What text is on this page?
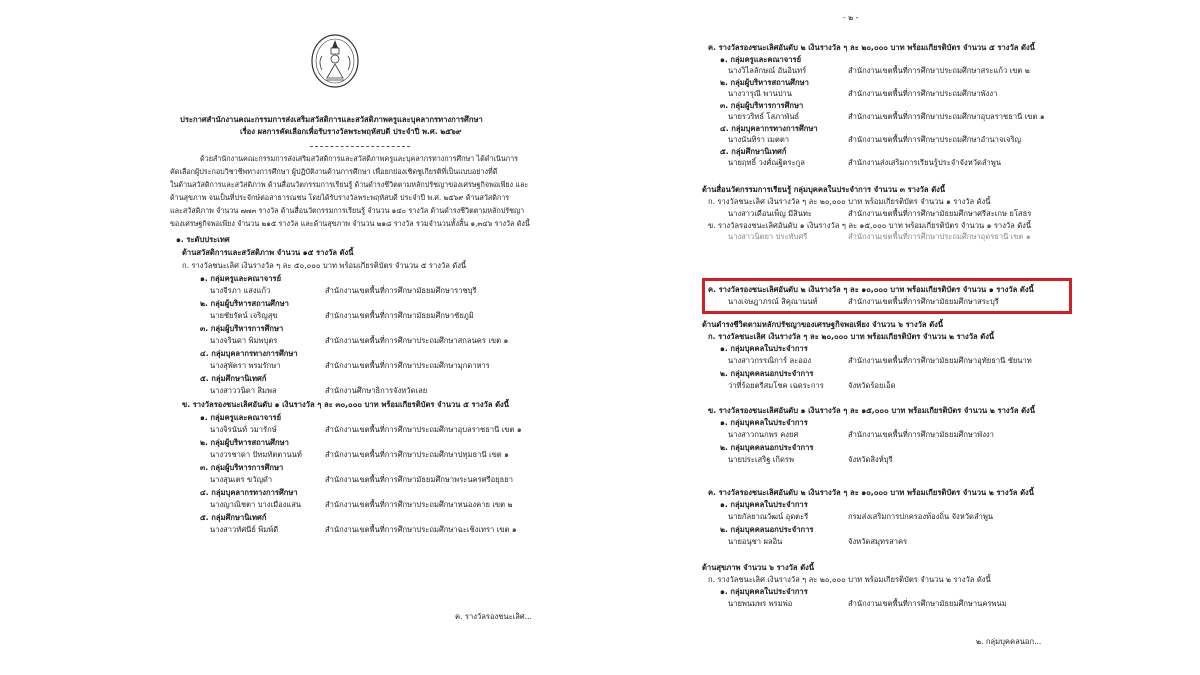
ประกาศสำนักงานคณะกรรมการส่งเสริมสวัสดิการและสวัสดิภาพครูและบุคลากรทางการศึกษา
เรื่อง ผลการคัดเลือกเพื่อรับรางวัลพระพฤหัสบดี ประจำปี พ.ศ. ๒๕๖๙
ด้วยสำนักงานคณะกรรมการส่งเสริมสวัสดิการและสวัสดิภาพครูและบุคลากรทางการศึกษา ได้ดำเนินการ
คัดเลือกผู้ประกอบวิชาชีพทางการศึกษา ผู้ปฏิบัติงานด้านการศึกษา เพื่อยกย่องเชิดชูเกียรติที่เป็นแบบอย่างที่ดี
ในด้านสวัสดิการและสวัสดิภาพ ด้านสื่อนวัตกรรมการเรียนรู้ ด้านดำรงชีวิตตามหลักปรัชญาของเศรษฐกิจพอเพียง และ
ด้านสุขภาพ จนเป็นที่ประจักษ์ต่อสาธารณชน โดยได้รับรางวัลพระพฤหัสบดี ประจำปี พ.ศ. ๒๕๖๙ ด้านสวัสดิการ
และสวัสดิภาพ จำนวน ๗๗๓ รางวัล ด้านสื่อนวัตกรรมการเรียนรู้ จำนวน ๑๔๐ รางวัล ด้านดำรงชีวิตตามหลักปรัชญา
ของเศรษฐกิจพอเพียง จำนวน ๒๑๕ รางวัล และด้านสุขภาพ จำนวน ๒๑๘ รางวัล รวมจำนวนทั้งสิ้น ๑,๓๔๖ รางวัล ดังนี้
๑. ระดับประเทศ
ด้านสวัสดิการและสวัสดิภาพ จำนวน ๑๕ รางวัล ดังนี้
ก. รางวัลชนะเลิศ เงินรางวัล ๆ ละ ๕๐,๐๐๐ บาท พร้อมเกียรติบัตร จำนวน ๕ รางวัล ดังนี้
๑. กลุ่มครูและคณาจารย์
นางจีรภา แสงแก้ว	สำนักงานเขตพื้นที่การศึกษามัธยมศึกษาราชบุรี
๒. กลุ่มผู้บริหารสถานศึกษา
นายชัยรัตน์ เจริญสุข	สำนักงานเขตพื้นที่การศึกษามัธยมศึกษาชัยภูมิ
๓. กลุ่มผู้บริหารการศึกษา
นางจรินดา พิมพบุตร	สำนักงานเขตพื้นที่การศึกษาประถมศึกษาสกลนคร เขต ๑
๔. กลุ่มบุคลากรทางการศึกษา
นางสุพัตรา พรมรักษา	สำนักงานเขตพื้นที่การศึกษาประถมศึกษามุกดาหาร
๕. กลุ่มศึกษานิเทศก์
นางสาววนิดา สิมพล	สำนักงานศึกษาธิการจังหวัดเลย
ข. รางวัลรองชนะเลิศอันดับ ๑ เงินรางวัล ๆ ละ ๓๐,๐๐๐ บาท พร้อมเกียรติบัตร จำนวน ๕ รางวัล ดังนี้
๑. กลุ่มครูและคณาจารย์
นางจิรนันท์ วมารักษ์	สำนักงานเขตพื้นที่การศึกษาประถมศึกษาอุบลราชธานี เขต ๑
๒. กลุ่มผู้บริหารสถานศึกษา
นางวรชาดา ปัทมทัตตานนท์	สำนักงานเขตพื้นที่การศึกษาประถมศึกษาปทุมธานี เขต ๑
๓. กลุ่มผู้บริหารการศึกษา
นางสุนเตร ขวัญดำ	สำนักงานเขตพื้นที่การศึกษามัธยมศึกษาพระนครศรีอยุธยา
๔. กลุ่มบุคลากรทางการศึกษา
นางญาณิชตา บางเมืองแสน	สำนักงานเขตพื้นที่การศึกษาประถมศึกษาหนองคาย เขต ๒
๕. กลุ่มศึกษานิเทศก์
นางสาวทัศนีย์ พิมพ์ดี	สำนักงานเขตพื้นที่การศึกษาประถมศึกษาฉะเชิงเทรา เขต ๑
ค. รางวัลรองชนะเลิศ...
- ๒ -
ค. รางวัลรองชนะเลิศอันดับ ๒ เงินรางวัล ๆ ละ ๒๐,๐๐๐ บาท พร้อมเกียรติบัตร จำนวน ๕ รางวัล ดังนี้
๑. กลุ่มครูและคณาจารย์
นางวิไลลักษณ์ อันอินทร์	สำนักงานเขตพื้นที่การศึกษาประถมศึกษาสระแก้ว เขต ๒
๒. กลุ่มผู้บริหารสถานศึกษา
นางวารุณี พานปาน	สำนักงานเขตพื้นที่การศึกษาประถมศึกษาพังงา
๓. กลุ่มผู้บริหารการศึกษา
นายรวริทธ์ โสภาพันธ์	สำนักงานเขตพื้นที่การศึกษาประถมศึกษาอุบลราชธานี เขต ๑
๔. กลุ่มบุคลากรทางการศึกษา
นางนันทิรา เมตตา	สำนักงานเขตพื้นที่การศึกษาประถมศึกษาอำนาจเจริญ
๕. กลุ่มศึกษานิเทศก์
นายฤทธิ์ วงศ์ณฐิตระกูล	สำนักงานส่งเสริมการเรียนรู้ประจำจังหวัดลำพูน
ด้านสื่อนวัตกรรมการเรียนรู้ กลุ่มบุคคลในประจำการ จำนวน ๓ รางวัล ดังนี้
ก. รางวัลชนะเลิศ เงินรางวัล ๆ ละ ๒๐,๐๐๐ บาท พร้อมเกียรติบัตร จำนวน ๑ รางวัล ดังนี้
นางสาวเดือนเพ็ญ มีสินทะ	สำนักงานเขตพื้นที่การศึกษามัธยมศึกษาศรีสะเกษ ยโสธร
ข. รางวัลรองชนะเลิศอันดับ ๑ เงินรางวัล ๆ ละ ๑๕,๐๐๐ บาท พร้อมเกียรติบัตร จำนวน ๑ รางวัล ดังนี้
นางสาวนิตยา ประทับศรี	สำนักงานเขตพื้นที่การศึกษาประถมศึกษาอุดรธานี เขต ๑
ค. รางวัลรองชนะเลิศอันดับ ๒ เงินรางวัล ๆ ละ ๑๐,๐๐๐ บาท พร้อมเกียรติบัตร จำนวน ๑ รางวัล ดังนี้
นางเจษฎาภรณ์ สิคุณานนท์	สำนักงานเขตพื้นที่การศึกษามัธยมศึกษาสระบุรี
ด้านดำรงชีวิตตามหลักปรัชญาของเศรษฐกิจพอเพียง จำนวน ๖ รางวัล ดังนี้
ก. รางวัลชนะเลิศ เงินรางวัล ๆ ละ ๒๐,๐๐๐ บาท พร้อมเกียรติบัตร จำนวน ๒ รางวัล ดังนี้
๑. กลุ่มบุคคลในประจำการ
นางสาวกรรณิการ์ ละออง	สำนักงานเขตพื้นที่การศึกษามัธยมศึกษาอุทัยธานี ชัยนาท
๒. กลุ่มบุคคลนอกประจำการ
ว่าที่ร้อยตรีสมโชค เฉดระการ	จังหวัดร้อยเอ็ด
ข. รางวัลรองชนะเลิศอันดับ ๑ เงินรางวัล ๆ ละ ๑๕,๐๐๐ บาท พร้อมเกียรติบัตร จำนวน ๒ รางวัล ดังนี้
๑. กลุ่มบุคคลในประจำการ
นางสาวกนกพร คงยศ	สำนักงานเขตพื้นที่การศึกษามัธยมศึกษาพังงา
๒. กลุ่มบุคคลนอกประจำการ
นายประเสริฐ เกิดรพ	จังหวัดสิงห์บุรี
ค. รางวัลรองชนะเลิศอันดับ ๒ เงินรางวัล ๆ ละ ๑๐,๐๐๐ บาท พร้อมเกียรติบัตร จำนวน ๒ รางวัล ดังนี้
๑. กลุ่มบุคคลในประจำการ
นายกัลยาณวัฒน์ อุดตะรี	กรมส่งเสริมการปกครองท้องถิ่น จังหวัดลำพูน
๒. กลุ่มบุคคลนอกประจำการ
นายอนุชา ผลอิน	จังหวัดสมุทรสาคร
ด้านสุขภาพ จำนวน ๖ รางวัล ดังนี้
ก. รางวัลชนะเลิศ เงินรางวัล ๆ ละ ๒๐,๐๐๐ บาท พร้อมเกียรติบัตร จำนวน ๒ รางวัล ดังนี้
๑. กลุ่มบุคคลในประจำการ
นายพนมพร พรมพ่อ	สำนักงานเขตพื้นที่การศึกษามัธยมศึกษานครพนม
๒. กลุ่มบุคคลนอก...
